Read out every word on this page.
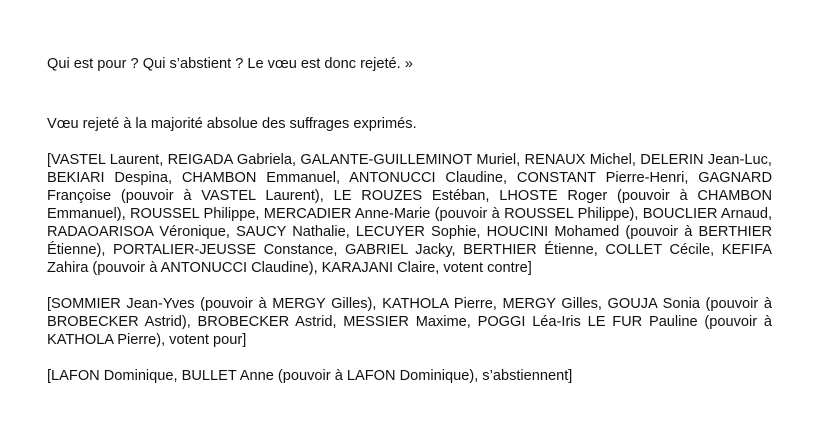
Qui est pour ? Qui s’abstient ? Le vœu est donc rejeté. »

Vœu rejeté à la majorité absolue des suffrages exprimés.

[VASTEL Laurent, REIGADA Gabriela, GALANTE-GUILLEMINOT Muriel, RENAUX Michel, DELERIN Jean-Luc, BEKIARI Despina, CHAMBON Emmanuel, ANTONUCCI Claudine, CONSTANT Pierre-Henri, GAGNARD Françoise (pouvoir à VASTEL Laurent), LE ROUZES Estéban, LHOSTE Roger (pouvoir à CHAMBON Emmanuel), ROUSSEL Philippe, MERCADIER Anne-Marie (pouvoir à ROUSSEL Philippe), BOUCLIER Arnaud, RADAOARISOA Véronique, SAUCY Nathalie, LECUYER Sophie, HOUCINI Mohamed (pouvoir à BERTHIER Étienne), PORTALIER-JEUSSE Constance, GABRIEL Jacky, BERTHIER Étienne, COLLET Cécile, KEFIFA Zahira (pouvoir à ANTONUCCI Claudine), KARAJANI Claire, votent contre]

[SOMMIER Jean-Yves (pouvoir à MERGY Gilles), KATHOLA Pierre, MERGY Gilles, GOUJA Sonia (pouvoir à BROBECKER Astrid), BROBECKER Astrid, MESSIER Maxime, POGGI Léa-Iris LE FUR Pauline (pouvoir à KATHOLA Pierre), votent pour]

[LAFON Dominique, BULLET Anne (pouvoir à LAFON Dominique), s’abstiennent]
